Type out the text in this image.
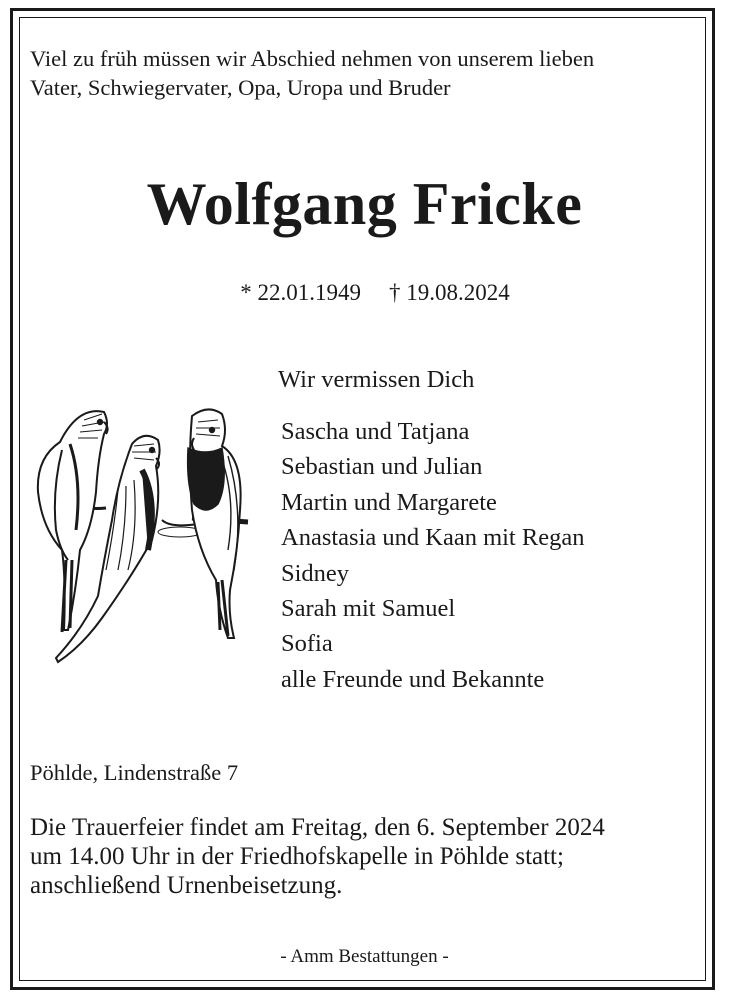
Viel zu früh müssen wir Abschied nehmen von unserem lieben
Vater, Schwiegervater, Opa, Uropa und Bruder

Wolfgang Fricke

* 22.01.1949 † 19.08.2024

Wir vermissen Dich

Sascha und Tatjana
Sebastian und Julian
Martin und Margarete
Anastasia und Kaan mit Regan
Sidney
Sarah mit Samuel
Sofia
alle Freunde und Bekannte

Pöhlde, Lindenstraße 7

Die Trauerfeier findet am Freitag, den 6. September 2024
um 14.00 Uhr in der Friedhofskapelle in Pöhlde statt;
anschließend Urnenbeisetzung.

- Amm Bestattungen -
